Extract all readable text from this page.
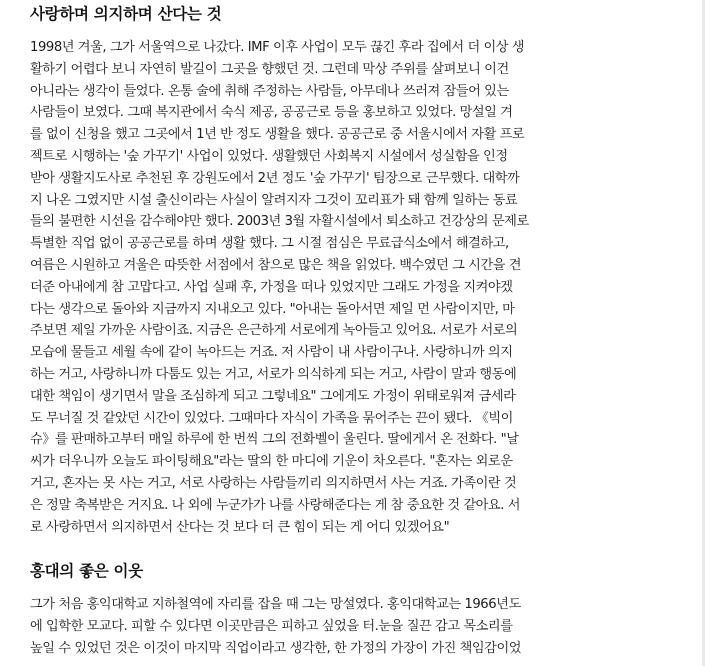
사랑하며 의지하며 산다는 것
1998년 겨울, 그가 서울역으로 나갔다. IMF 이후 사업이 모두 끊긴 후라 집에서 더 이상 생
활하기 어렵다 보니 자연히 발길이 그곳을 향했던 것. 그런데 막상 주위를 살펴보니 이건
아니라는 생각이 들었다. 온통 술에 취해 주정하는 사람들, 아무데나 쓰러져 잠들어 있는
사람들이 보였다. 그때 복지관에서 숙식 제공, 공공근로 등을 홍보하고 있었다. 망설일 겨
를 없이 신청을 했고 그곳에서 1년 반 정도 생활을 했다. 공공근로 중 서울시에서 자활 프로
젝트로 시행하는 '숲 가꾸기' 사업이 있었다. 생활했던 사회복지 시설에서 성실함을 인정
받아 생활지도사로 추천된 후 강원도에서 2년 정도 '숲 가꾸기' 팀장으로 근무했다. 대학까
지 나온 그였지만 시설 출신이라는 사실이 알려지자 그것이 꼬리표가 돼 함께 일하는 동료
들의 불편한 시선을 감수해야만 했다. 2003년 3월 자활시설에서 퇴소하고 건강상의 문제로
특별한 직업 없이 공공근로를 하며 생활 했다. 그 시절 점심은 무료급식소에서 해결하고,
여름은 시원하고 겨울은 따뜻한 서점에서 참으로 많은 책을 읽었다. 백수였던 그 시간을 견
더준 아내에게 참 고맙다고. 사업 실패 후, 가정을 떠나 있었지만 그래도 가정을 지켜야겠
다는 생각으로 돌아와 지금까지 지내오고 있다. "아내는 돌아서면 제일 먼 사람이지만, 마
주보면 제일 가까운 사람이죠. 지금은 은근하게 서로에게 녹아들고 있어요. 서로가 서로의
모습에 물들고 세월 속에 같이 녹아드는 거죠. 저 사람이 내 사람이구나. 사랑하니까 의지
하는 거고, 사랑하니까 다툼도 있는 거고, 서로가 의식하게 되는 거고, 사람이 말과 행동에
대한 책임이 생기면서 말을 조심하게 되고 그렇네요" 그에게도 가정이 위태로워져 금세라
도 무너질 것 같았던 시간이 있었다. 그때마다 자식이 가족을 묶어주는 끈이 됐다. 《빅이
슈》를 판매하고부터 매일 하루에 한 번씩 그의 전화벨이 울린다. 딸에게서 온 전화다. "날
씨가 더우니까 오늘도 파이팅해요"라는 딸의 한 마디에 기운이 차오른다. "혼자는 외로운
거고, 혼자는 못 사는 거고, 서로 사랑하는 사람들끼리 의지하면서 사는 거죠. 가족이란 것
은 정말 축복받은 거지요. 나 외에 누군가가 나를 사랑해준다는 게 참 중요한 것 같아요. 서
로 사랑하면서 의지하면서 산다는 것 보다 더 큰 힘이 되는 게 어디 있겠어요"
홍대의 좋은 이웃
그가 처음 홍익대학교 지하철역에 자리를 잡을 때 그는 망설였다. 홍익대학교는 1966년도
에 입학한 모교다. 피할 수 있다면 이곳만큼은 피하고 싶었을 터.눈을 질끈 감고 목소리를
높일 수 있었던 것은 이것이 마지막 직업이라고 생각한, 한 가정의 가장이 가진 책임감이었
